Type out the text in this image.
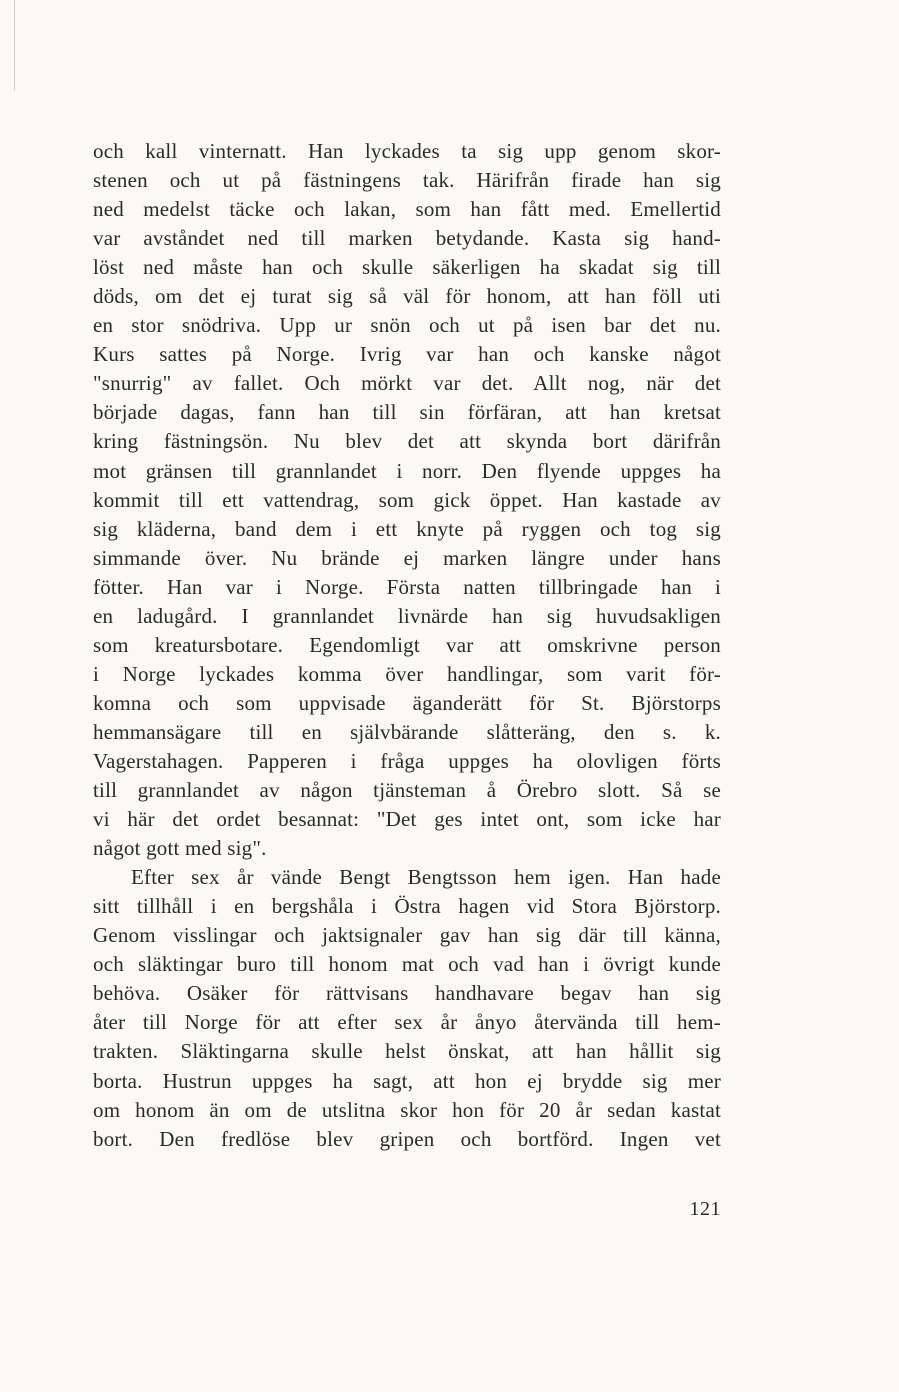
och kall vinternatt. Han lyckades ta sig upp genom skor-
stenen och ut på fästningens tak. Härifrån firade han sig
ned medelst täcke och lakan, som han fått med. Emellertid
var avståndet ned till marken betydande. Kasta sig hand-
löst ned måste han och skulle säkerligen ha skadat sig till
döds, om det ej turat sig så väl för honom, att han föll uti
en stor snödriva. Upp ur snön och ut på isen bar det nu.
Kurs sattes på Norge. Ivrig var han och kanske något
"snurrig" av fallet. Och mörkt var det. Allt nog, när det
började dagas, fann han till sin förfäran, att han kretsat
kring fästningsön. Nu blev det att skynda bort därifrån
mot gränsen till grannlandet i norr. Den flyende uppges ha
kommit till ett vattendrag, som gick öppet. Han kastade av
sig kläderna, band dem i ett knyte på ryggen och tog sig
simmande över. Nu brände ej marken längre under hans
fötter. Han var i Norge. Första natten tillbringade han i
en ladugård. I grannlandet livnärde han sig huvudsakligen
som kreatursbotare. Egendomligt var att omskrivne person
i Norge lyckades komma över handlingar, som varit för-
komna och som uppvisade äganderätt för St. Björstorps
hemmansägare till en självbärande slåtteräng, den s. k.
Vagerstahagen. Papperen i fråga uppges ha olovligen förts
till grannlandet av någon tjänsteman å Örebro slott. Så se
vi här det ordet besannat: "Det ges intet ont, som icke har
något gott med sig".
Efter sex år vände Bengt Bengtsson hem igen. Han hade
sitt tillhåll i en bergshåla i Östra hagen vid Stora Björstorp.
Genom visslingar och jaktsignaler gav han sig där till känna,
och släktingar buro till honom mat och vad han i övrigt kunde
behöva. Osäker för rättvisans handhavare begav han sig
åter till Norge för att efter sex år ånyo återvända till hem-
trakten. Släktingarna skulle helst önskat, att han hållit sig
borta. Hustrun uppges ha sagt, att hon ej brydde sig mer
om honom än om de utslitna skor hon för 20 år sedan kastat
bort. Den fredlöse blev gripen och bortförd. Ingen vet
121
